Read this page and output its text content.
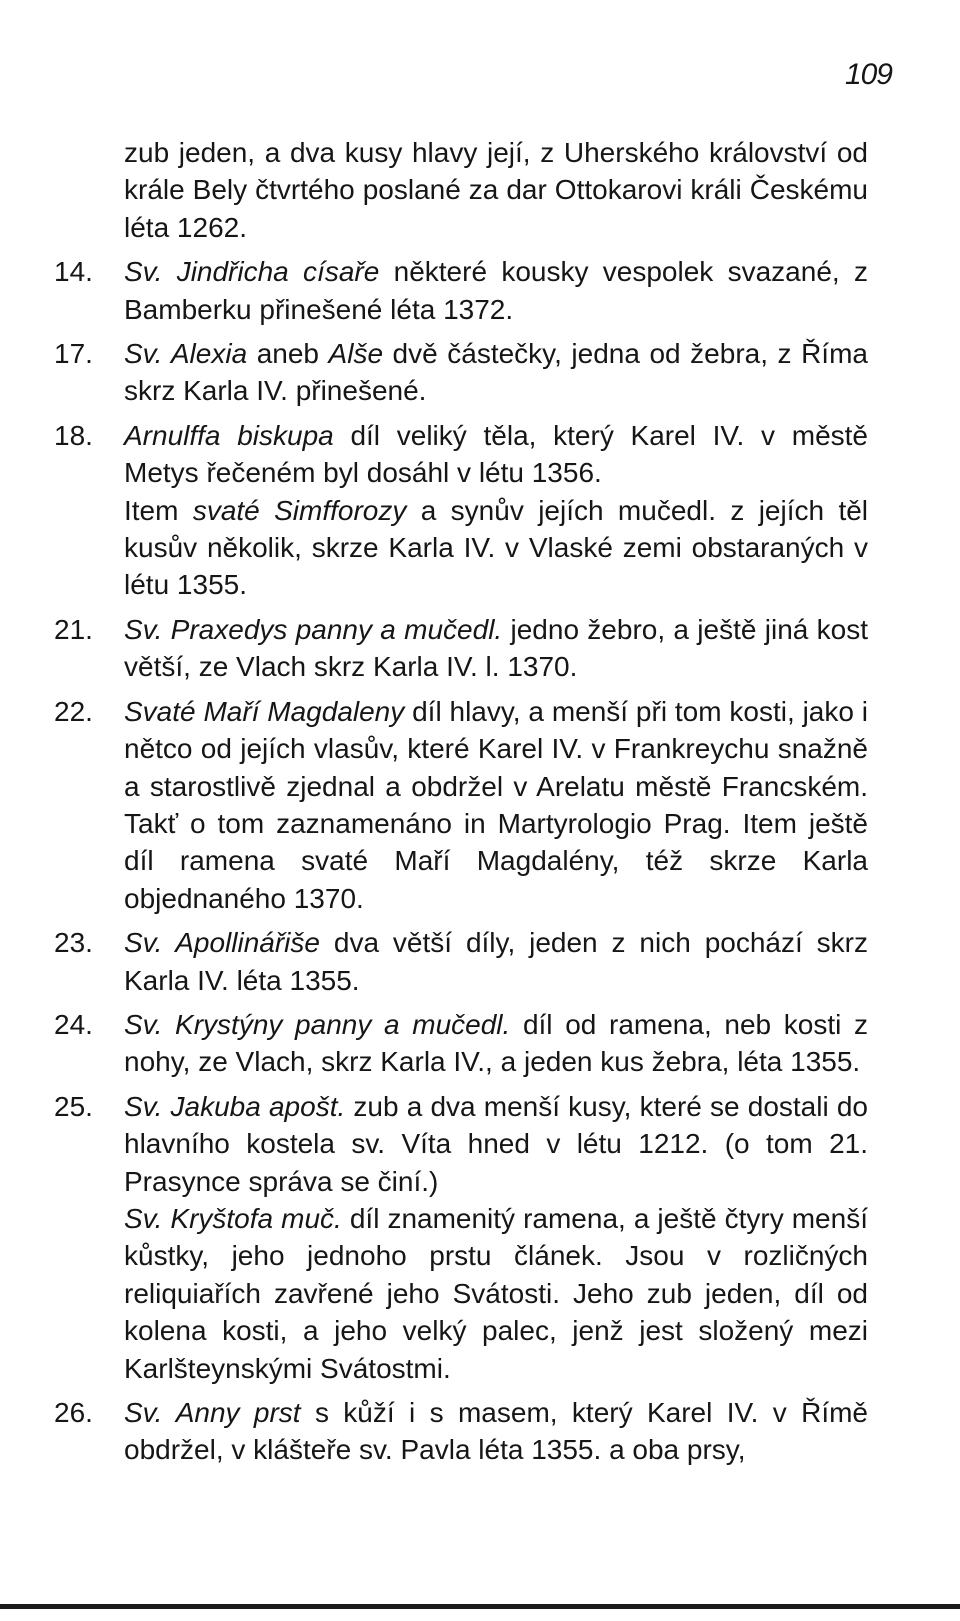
109
zub jeden, a dva kusy hlavy její, z Uherského království od krále Bely čtvrtého poslané za dar Ottokarovi králi Českému léta 1262.
14.	Sv. Jindřicha císaře některé kousky vespolek svazané, z Bamberku přinešené léta 1372.
17.	Sv. Alexia aneb Alše dvě částečky, jedna od žebra, z Říma skrz Karla IV. přinešené.
18.	Arnulffa biskupa díl veliký těla, který Karel IV. v městě Metys řečeném byl dosáhl v létu 1356.
Item svaté Simfforozy a synův jejích mučedl. z jejích těl kusův několik, skrze Karla IV. v Vlaské zemi obstaraných v létu 1355.
21.	Sv. Praxedys panny a mučedl. jedno žebro, a ještě jiná kost větší, ze Vlach skrz Karla IV. l. 1370.
22.	Svaté Maří Magdaleny díl hlavy, a menší při tom kosti, jako i nětco od jejích vlasův, které Karel IV. v Frankreychu snažně a starostlivě zjednal a obdržel v Arelatu městě Francském. Takť o tom zaznamenáno in Martyrologio Prag. Item ještě díl ramena svaté Maří Magdalény, též skrze Karla objednaného 1370.
23.	Sv. Apollinářiše dva větší díly, jeden z nich pochází skrz Karla IV. léta 1355.
24.	Sv. Krystýny panny a mučedl. díl od ramena, neb kosti z nohy, ze Vlach, skrz Karla IV., a jeden kus žebra, léta 1355.
25.	Sv. Jakuba apošt. zub a dva menší kusy, které se dostali do hlavního kostela sv. Víta hned v létu 1212. (o tom 21. Prasynce správa se činí.)
Sv. Kryštofa muč. díl znamenitý ramena, a ještě čtyry menší kůstky, jeho jednoho prstu článek. Jsou v rozličných reliquiařích zavřené jeho Svátosti. Jeho zub jeden, díl od kolena kosti, a jeho velký palec, jenž jest složený mezi Karlšteynskými Svátostmi.
26.	Sv. Anny prst s kůží i s masem, který Karel IV. v Římě obdržel, v klášteře sv. Pavla léta 1355. a oba prsy,
